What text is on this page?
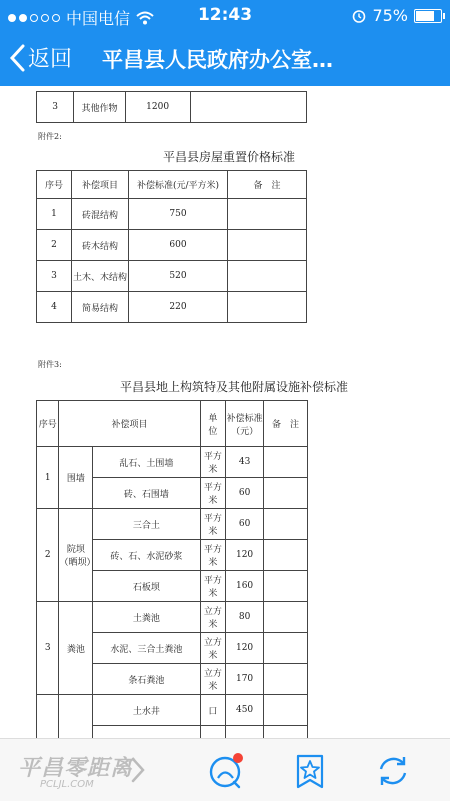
中国电信	12:43	75%
返回 平昌县人民政府办公室…
3	其他作物	1200	
附件2:
平昌县房屋重置价格标准
序号	补偿项目	补偿标准(元/平方米)	备　注
1	砖混结构	750	
2	砖木结构	600	
3	土木、木结构	520	
4	简易结构	220	
附件3:
平昌县地上构筑特及其他附属设施补偿标准
序号	补偿项目		单　位	补偿标准（元）	备　注
1	围墙	乱石、土围墙	平方米	43	
		砖、石围墙	平方米	60	
2	院坝（晒坝）	三合土	平方米	60	
		砖、石、水泥砂浆	平方米	120	
		石板坝	平方米	160	
3	粪池	土粪池	立方米	80	
		水泥、三合土粪池	立方米	120	
		条石粪池	立方米	170	
		土水井	口	450	

平昌零距离
PCLJL.COM
